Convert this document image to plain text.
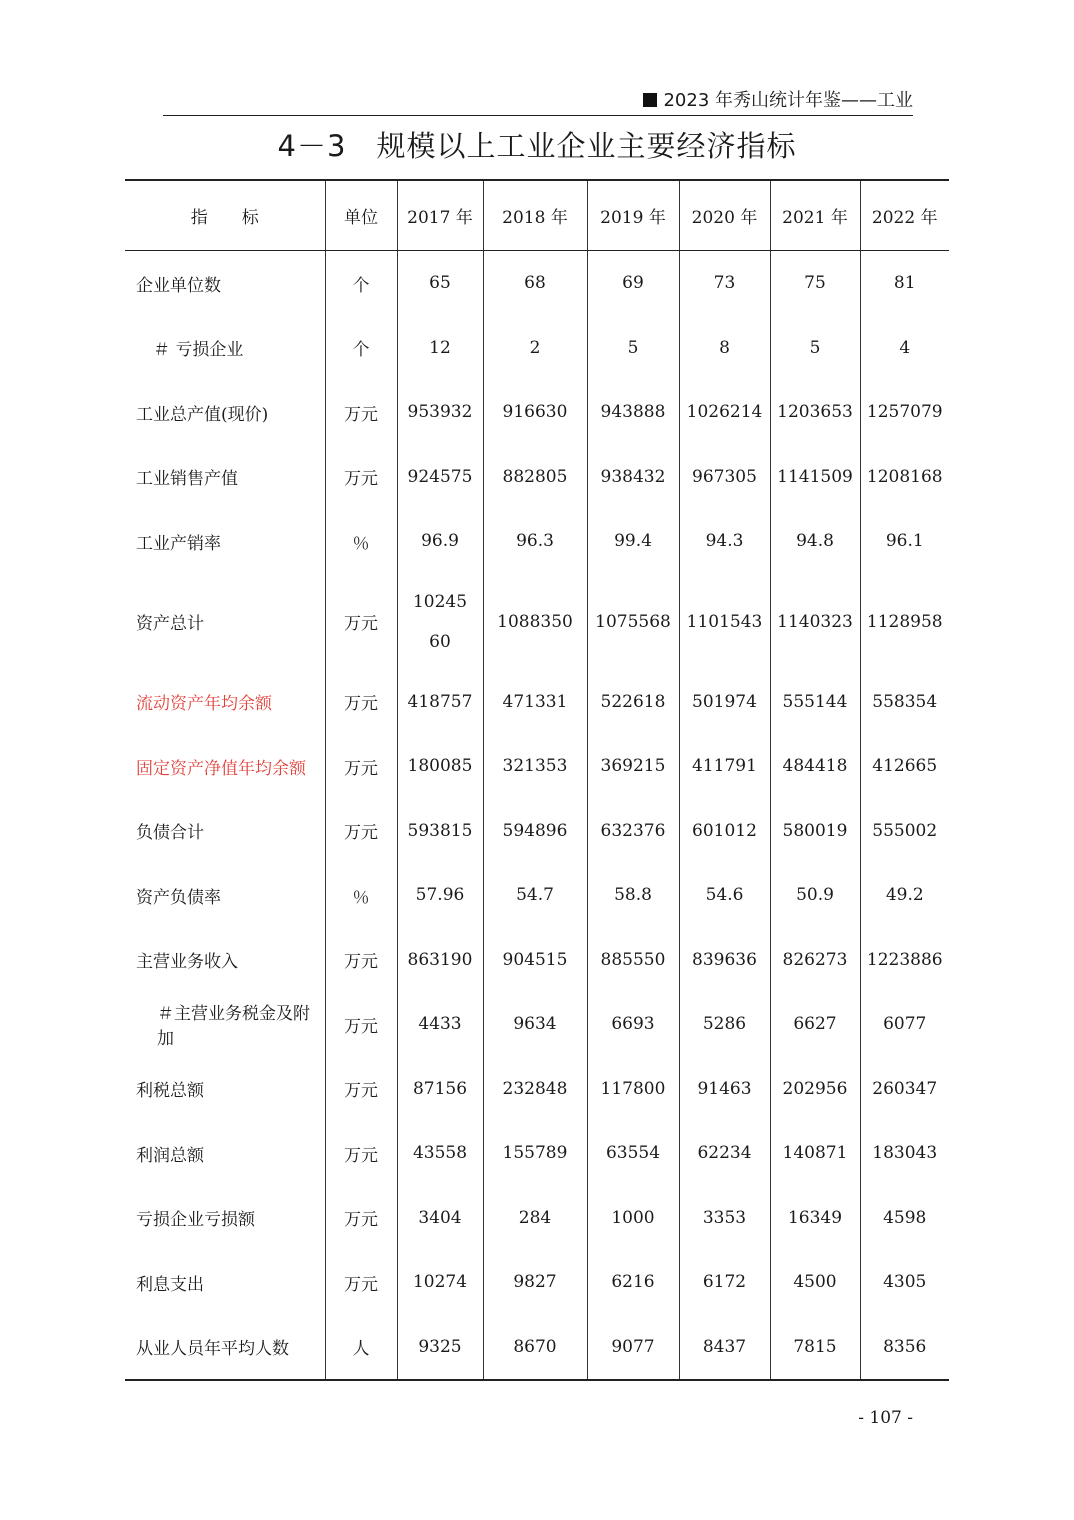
2023 年秀山统计年鉴——工业
4－3　规模以上工业企业主要经济指标
指　　标	单位	2017 年	2018 年	2019 年	2020 年	2021 年	2022 年
企业单位数	个	65	68	69	73	75	81
＃ 亏损企业	个	12	2	5	8	5	4
工业总产值(现价)	万元	953932	916630	943888	1026214	1203653	1257079
工业销售产值	万元	924575	882805	938432	967305	1141509	1208168
工业产销率	％	96.9	96.3	99.4	94.3	94.8	96.1
资产总计	万元	1024560	1088350	1075568	1101543	1140323	1128958
流动资产年均余额	万元	418757	471331	522618	501974	555144	558354
固定资产净值年均余额	万元	180085	321353	369215	411791	484418	412665
负债合计	万元	593815	594896	632376	601012	580019	555002
资产负债率	％	57.96	54.7	58.8	54.6	50.9	49.2
主营业务收入	万元	863190	904515	885550	839636	826273	1223886
＃主营业务税金及附加	万元	4433	9634	6693	5286	6627	6077
利税总额	万元	87156	232848	117800	91463	202956	260347
利润总额	万元	43558	155789	63554	62234	140871	183043
亏损企业亏损额	万元	3404	284	1000	3353	16349	4598
利息支出	万元	10274	9827	6216	6172	4500	4305
从业人员年平均人数	人	9325	8670	9077	8437	7815	8356
- 107 -
